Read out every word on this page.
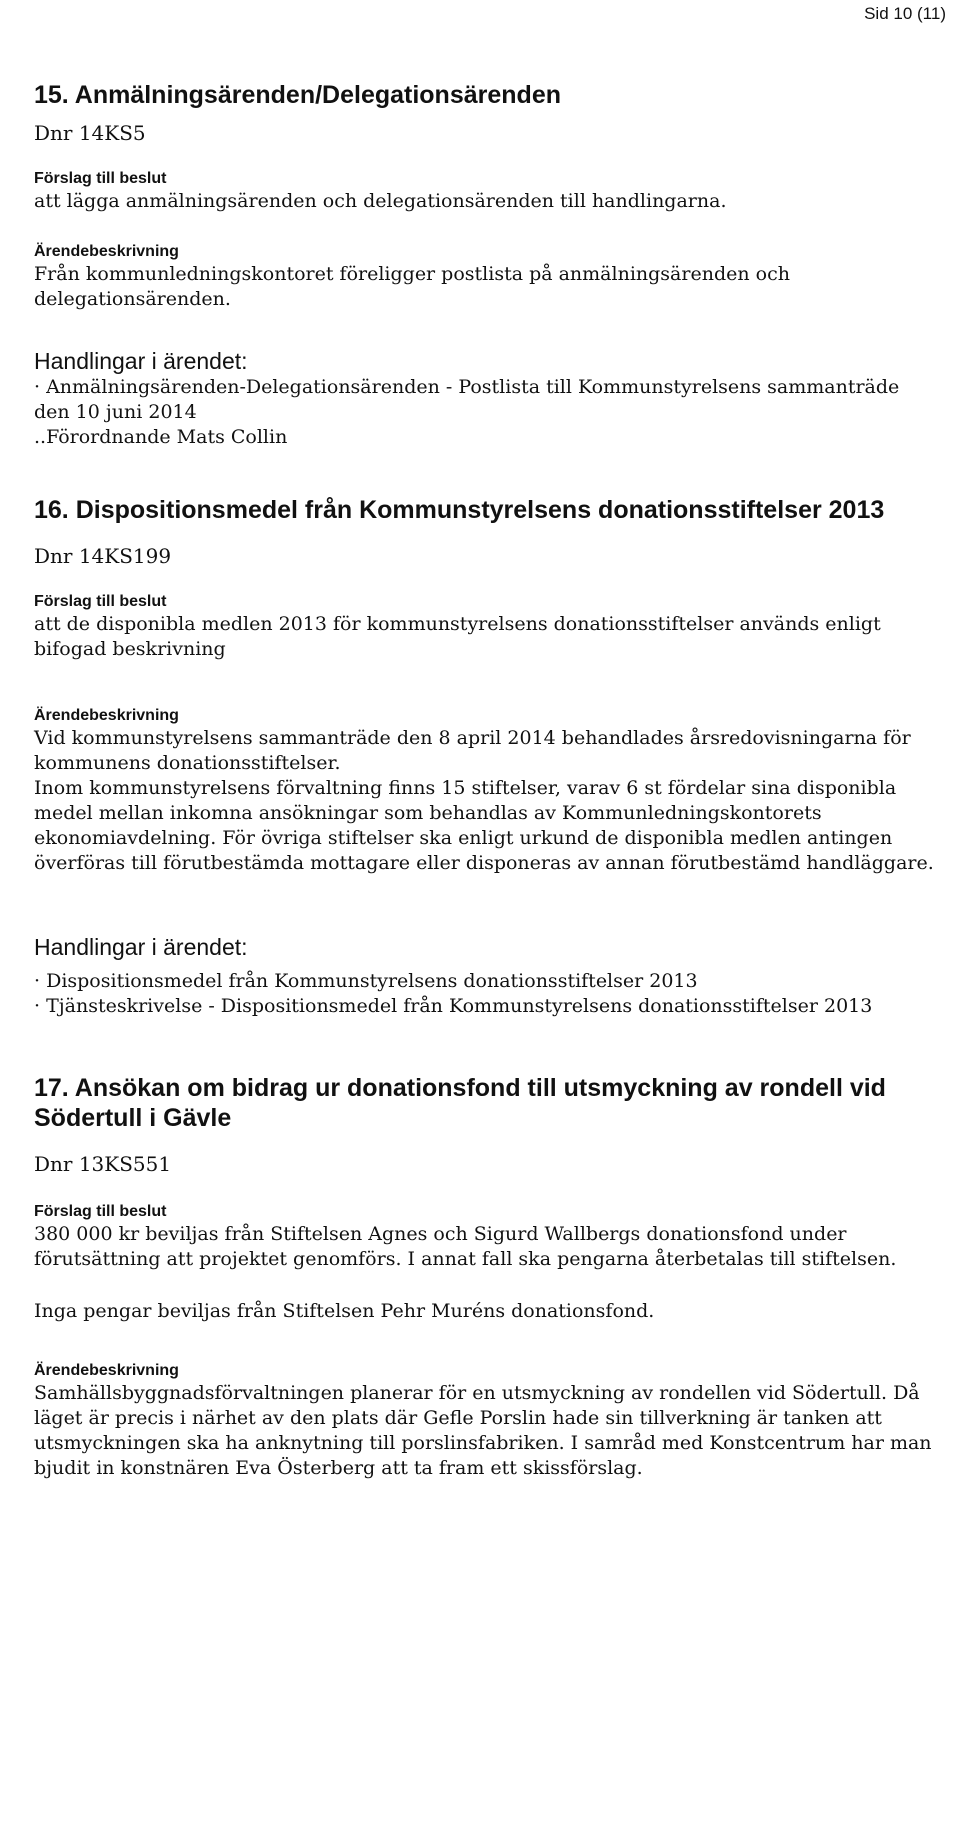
Sid 10 (11)
15. Anmälningsärenden/Delegationsärenden

Dnr 14KS5

Förslag till beslut

att lägga anmälningsärenden och delegationsärenden till handlingarna.

Ärendebeskrivning

Från kommunledningskontoret föreligger postlista på anmälningsärenden och delegationsärenden.

Handlingar i ärendet:

· Anmälningsärenden-Delegationsärenden - Postlista till Kommunstyrelsens sammanträde den 10 juni 2014

..Förordnande Mats Collin

16. Dispositionsmedel från Kommunstyrelsens donationsstiftelser 2013

Dnr 14KS199

Förslag till beslut

att de disponibla medlen 2013 för kommunstyrelsens donationsstiftelser används enligt bifogad beskrivning

Ärendebeskrivning

Vid kommunstyrelsens sammanträde den 8 april 2014 behandlades årsredovisningarna för kommunens donationsstiftelser.

Inom kommunstyrelsens förvaltning finns 15 stiftelser, varav 6 st fördelar sina disponibla medel mellan inkomna ansökningar som behandlas av Kommunledningskontorets ekonomiavdelning. För övriga stiftelser ska enligt urkund de disponibla medlen antingen överföras till förutbestämda mottagare eller disponeras av annan förutbestämd handläggare.

Handlingar i ärendet:

· Dispositionsmedel från Kommunstyrelsens donationsstiftelser 2013

· Tjänsteskrivelse - Dispositionsmedel från Kommunstyrelsens donationsstiftelser 2013

17. Ansökan om bidrag ur donationsfond till utsmyckning av rondell vid Södertull i Gävle

Dnr 13KS551

Förslag till beslut

380 000 kr beviljas från Stiftelsen Agnes och Sigurd Wallbergs donationsfond under förutsättning att projektet genomförs. I annat fall ska pengarna återbetalas till stiftelsen.

Inga pengar beviljas från Stiftelsen Pehr Muréns donationsfond.

Ärendebeskrivning

Samhällsbyggnadsförvaltningen planerar för en utsmyckning av rondellen vid Södertull. Då läget är precis i närhet av den plats där Gefle Porslin hade sin tillverkning är tanken att utsmyckningen ska ha anknytning till porslinsfabriken. I samråd med Konstcentrum har man bjudit in konstnären Eva Österberg att ta fram ett skissförslag.
